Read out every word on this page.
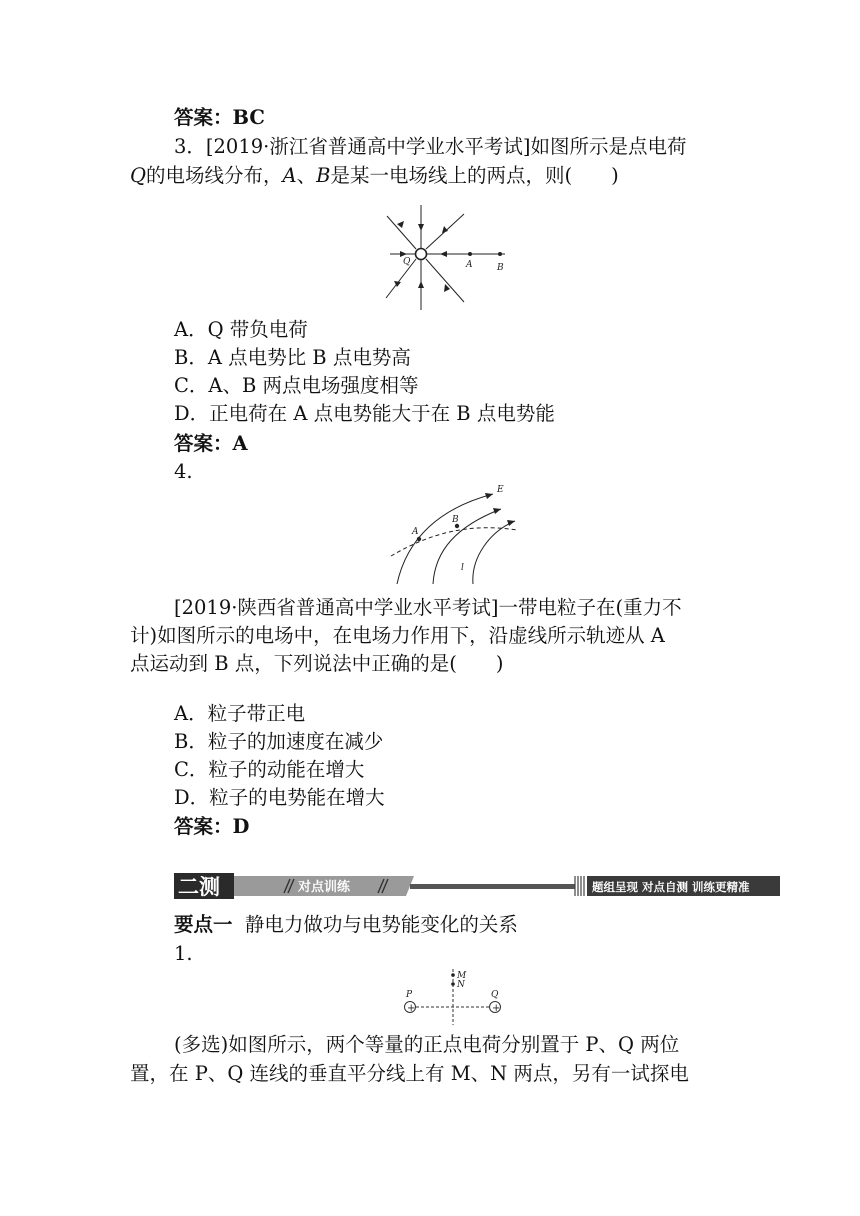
答案：BC
3．[2019·浙江省普通高中学业水平考试]如图所示是点电荷
Q的电场线分布，A、B是某一电场线上的两点，则(　　)
Q	A	B
A．Q 带负电荷
B．A 点电势比 B 点电势高
C．A、B 两点电场强度相等
D．正电荷在 A 点电势能大于在 B 点电势能
答案：A
4.
E
A
B
l
[2019·陕西省普通高中学业水平考试]一带电粒子在(重力不
计)如图所示的电场中，在电场力作用下，沿虚线所示轨迹从 A
点运动到 B 点，下列说法中正确的是(　　)
A．粒子带正电
B．粒子的加速度在减少
C．粒子的动能在增大
D．粒子的电势能在增大
答案：D
二测	对点训练	题组呈现 对点自测 训练更精准
要点一 静电力做功与电势能变化的关系
1.
M
N
P	Q
+	+
(多选)如图所示，两个等量的正点电荷分别置于 P、Q 两位
置，在 P、Q 连线的垂直平分线上有 M、N 两点，另有一试探电
